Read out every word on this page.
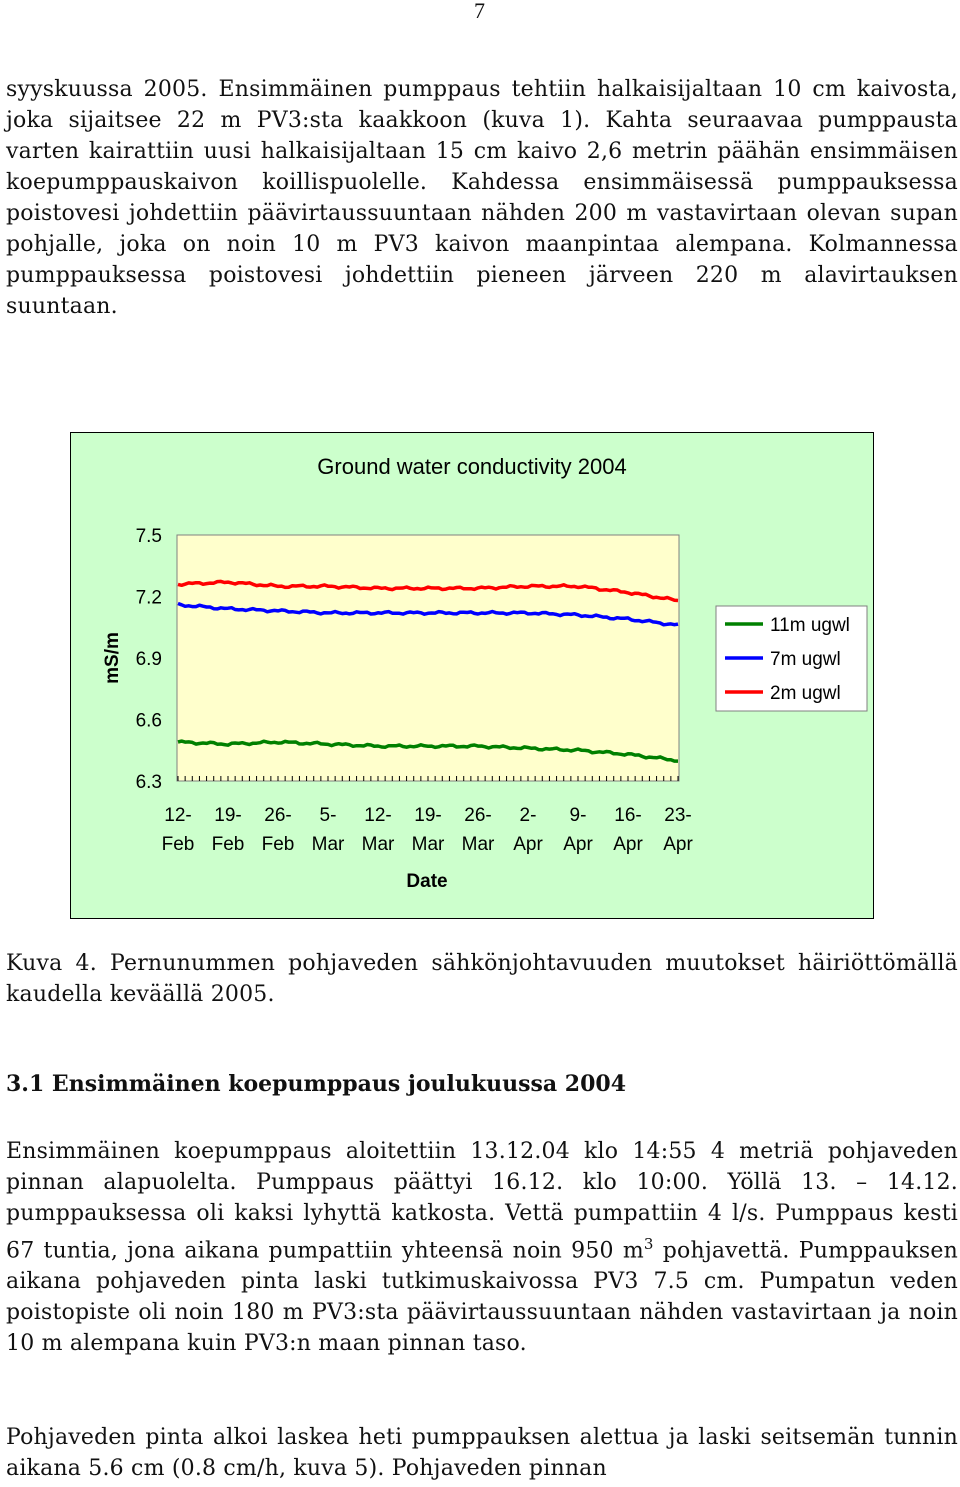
7

syyskuussa 2005. Ensimmäinen pumppaus tehtiin halkaisijaltaan 10 cm kaivosta, joka sijaitsee 22 m PV3:sta kaakkoon (kuva 1). Kahta seuraavaa pumppausta varten kairattiin uusi halkaisijaltaan 15 cm kaivo 2,6 metrin päähän ensimmäisen koepumppauskaivon koillispuolelle. Kahdessa ensimmäisessä pumppauksessa poistovesi johdettiin päävirtaussuuntaan nähden 200 m vastavirtaan olevan supan pohjalle, joka on noin 10 m PV3 kaivon maanpintaa alempana. Kolmannessa pumppauksessa poistovesi johdettiin pieneen järveen 220 m alavirtauksen suuntaan.

Ground water conductivity 2004
mS/m
Date
7.5
7.2
6.9
6.6
6.3
12-
Feb
19-
Feb
26-
Feb
5-
Mar
12-
Mar
19-
Mar
26-
Mar
2-
Apr
9-
Apr
16-
Apr
23-
Apr
11m ugwl
7m ugwl
2m ugwl

Kuva 4. Pernunummen pohjaveden sähkönjohtavuuden muutokset häiriöttömällä kaudella keväällä 2005.

3.1 Ensimmäinen koepumppaus joulukuussa 2004

Ensimmäinen koepumppaus aloitettiin 13.12.04 klo 14:55 4 metriä pohjaveden pinnan alapuolelta. Pumppaus päättyi 16.12. klo 10:00. Yöllä 13. – 14.12. pumppauksessa oli kaksi lyhyttä katkosta. Vettä pumpattiin 4 l/s. Pumppaus kesti 67 tuntia, jona aikana pumpattiin yhteensä noin 950 $m^3$ pohjavettä. Pumppauksen aikana pohjaveden pinta laski tutkimuskaivossa PV3 7.5 cm. Pumpatun veden poistopiste oli noin 180 m PV3:sta päävirtaussuuntaan nähden vastavirtaan ja noin 10 m alempana kuin PV3:n maan pinnan taso.

Pohjaveden pinta alkoi laskea heti pumppauksen alettua ja laski seitsemän tunnin aikana 5.6 cm (0.8 cm/h, kuva 5). Pohjaveden pinnan
